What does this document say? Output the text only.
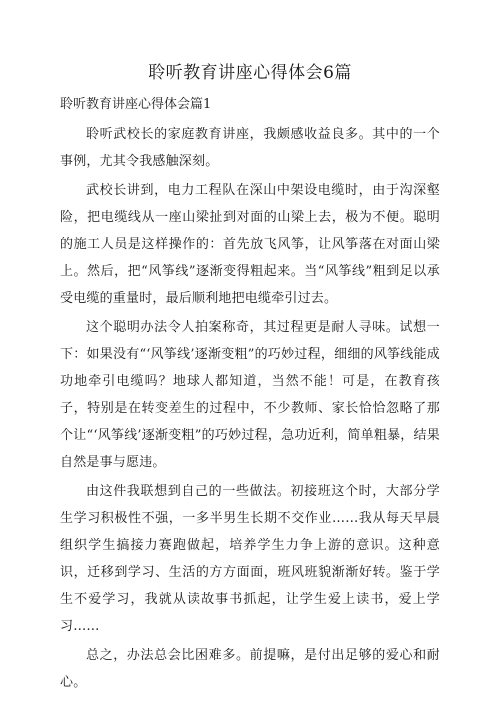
聆听教育讲座心得体会6篇
聆听教育讲座心得体会篇1

聆听武校长的家庭教育讲座，我颇感收益良多。其中的一个事例，尤其令我感触深刻。

武校长讲到，电力工程队在深山中架设电缆时，由于沟深壑险，把电缆线从一座山梁扯到对面的山梁上去，极为不便。聪明的施工人员是这样操作的：首先放飞风筝，让风筝落在对面山梁上。然后，把“风筝线”逐渐变得粗起来。当“风筝线”粗到足以承受电缆的重量时，最后顺利地把电缆牵引过去。

这个聪明办法令人拍案称奇，其过程更是耐人寻味。试想一下：如果没有“‘风筝线’逐渐变粗”的巧妙过程，细细的风筝线能成功地牵引电缆吗？地球人都知道，当然不能！可是，在教育孩子，特别是在转变差生的过程中，不少教师、家长恰恰忽略了那个让“‘风筝线’逐渐变粗”的巧妙过程，急功近利，简单粗暴，结果自然是事与愿违。

由这件我联想到自己的一些做法。初接班这个时，大部分学生学习积极性不强，一多半男生长期不交作业……我从每天早晨组织学生搞接力赛跑做起，培养学生力争上游的意识。这种意识，迁移到学习、生活的方方面面，班风班貌渐渐好转。鉴于学生不爱学习，我就从读故事书抓起，让学生爱上读书，爱上学习……

总之，办法总会比困难多。前提嘛，是付出足够的爱心和耐心。
